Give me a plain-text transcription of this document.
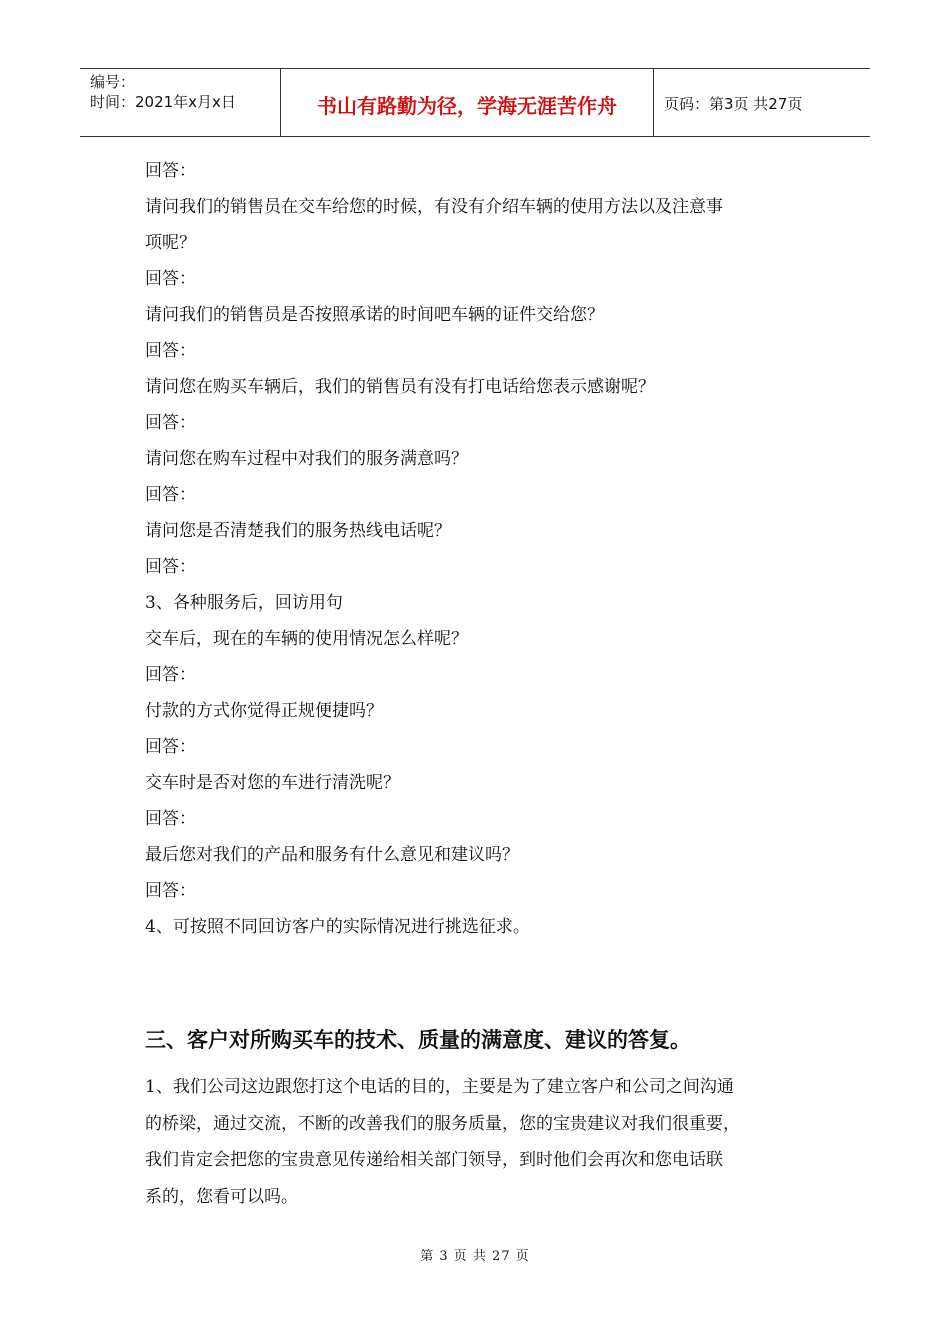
编号：
时间：2021年x月x日	书山有路勤为径，学海无涯苦作舟	页码：第3页 共27页
回答：
请问我们的销售员在交车给您的时候，有没有介绍车辆的使用方法以及注意事
项呢？
回答：
请问我们的销售员是否按照承诺的时间吧车辆的证件交给您？
回答：
请问您在购买车辆后，我们的销售员有没有打电话给您表示感谢呢？
回答：
请问您在购车过程中对我们的服务满意吗？
回答：
请问您是否清楚我们的服务热线电话呢？
回答：
3、各种服务后，回访用句
交车后，现在的车辆的使用情况怎么样呢？
回答：
付款的方式你觉得正规便捷吗？
回答：
交车时是否对您的车进行清洗呢？
回答：
最后您对我们的产品和服务有什么意见和建议吗？
回答：
4、可按照不同回访客户的实际情况进行挑选征求。
三、客户对所购买车的技术、质量的满意度、建议的答复。
1、我们公司这边跟您打这个电话的目的，主要是为了建立客户和公司之间沟通
的桥梁，通过交流，不断的改善我们的服务质量，您的宝贵建议对我们很重要，
我们肯定会把您的宝贵意见传递给相关部门领导，到时他们会再次和您电话联
系的，您看可以吗。
第 3 页 共 27 页
